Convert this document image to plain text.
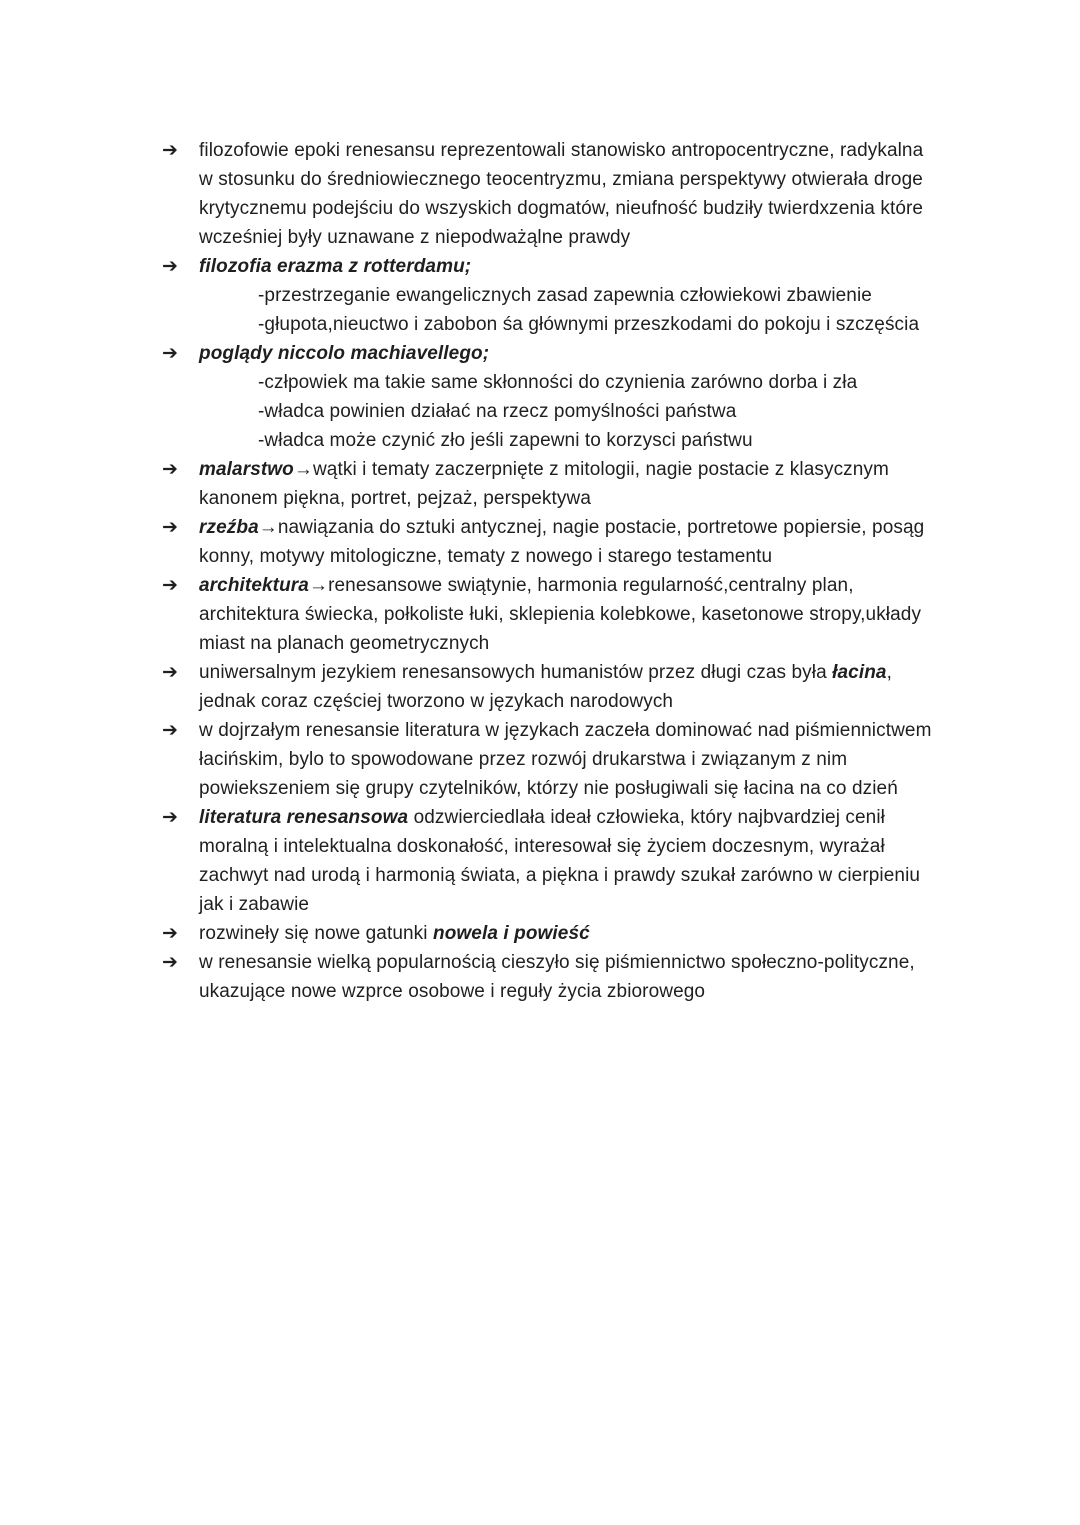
➔	filozofowie epoki renesansu reprezentowali stanowisko antropocentryczne, radykalna w stosunku do średniowiecznego teocentryzmu, zmiana perspektywy otwierała droge krytycznemu podejściu do wszyskich dogmatów, nieufność budziły twierdxzenia które wcześniej były uznawane z niepodważąlne prawdy
➔	filozofia erazma z rotterdamu;
-przestrzeganie ewangelicznych zasad zapewnia człowiekowi zbawienie
-głupota,nieuctwo i zabobon śa głównymi przeszkodami do pokoju i szczęścia
➔	poglądy niccolo machiavellego;
-człpowiek ma takie same skłonności do czynienia zarówno dorba i zła
-władca powinien działać na rzecz pomyślności państwa
-władca może czynić zło jeśli zapewni to korzysci państwu
➔	malarstwo→wątki i tematy zaczerpnięte z mitologii, nagie postacie z klasycznym kanonem piękna, portret, pejzaż, perspektywa
➔	rzeźba→nawiązania do sztuki antycznej, nagie postacie, portretowe popiersie, posąg konny, motywy mitologiczne, tematy z nowego i starego testamentu
➔	architektura→renesansowe swiątynie, harmonia regularność,centralny plan, architektura świecka, połkoliste łuki, sklepienia kolebkowe, kasetonowe stropy,układy miast na planach geometrycznych
➔	uniwersalnym jezykiem renesansowych humanistów przez długi czas była łacina, jednak coraz częściej tworzono w językach narodowych
➔	w dojrzałym renesansie literatura w językach zaczeła dominować nad piśmiennictwem łacińskim, bylo to spowodowane przez rozwój drukarstwa i związanym z nim powiekszeniem się grupy czytelników, którzy nie posługiwali się łacina na co dzień
➔	literatura renesansowa odzwierciedlała ideał człowieka, który najbvardziej cenił moralną i intelektualna doskonałość, interesował się życiem doczesnym, wyrażał zachwyt nad urodą i harmonią świata, a piękna i prawdy szukał zarówno w cierpieniu jak i zabawie
➔	rozwineły się nowe gatunki nowela i powieść
➔	w renesansie wielką popularnością cieszyło się piśmiennictwo społeczno-polityczne, ukazujące nowe wzprce osobowe i reguły życia zbiorowego
